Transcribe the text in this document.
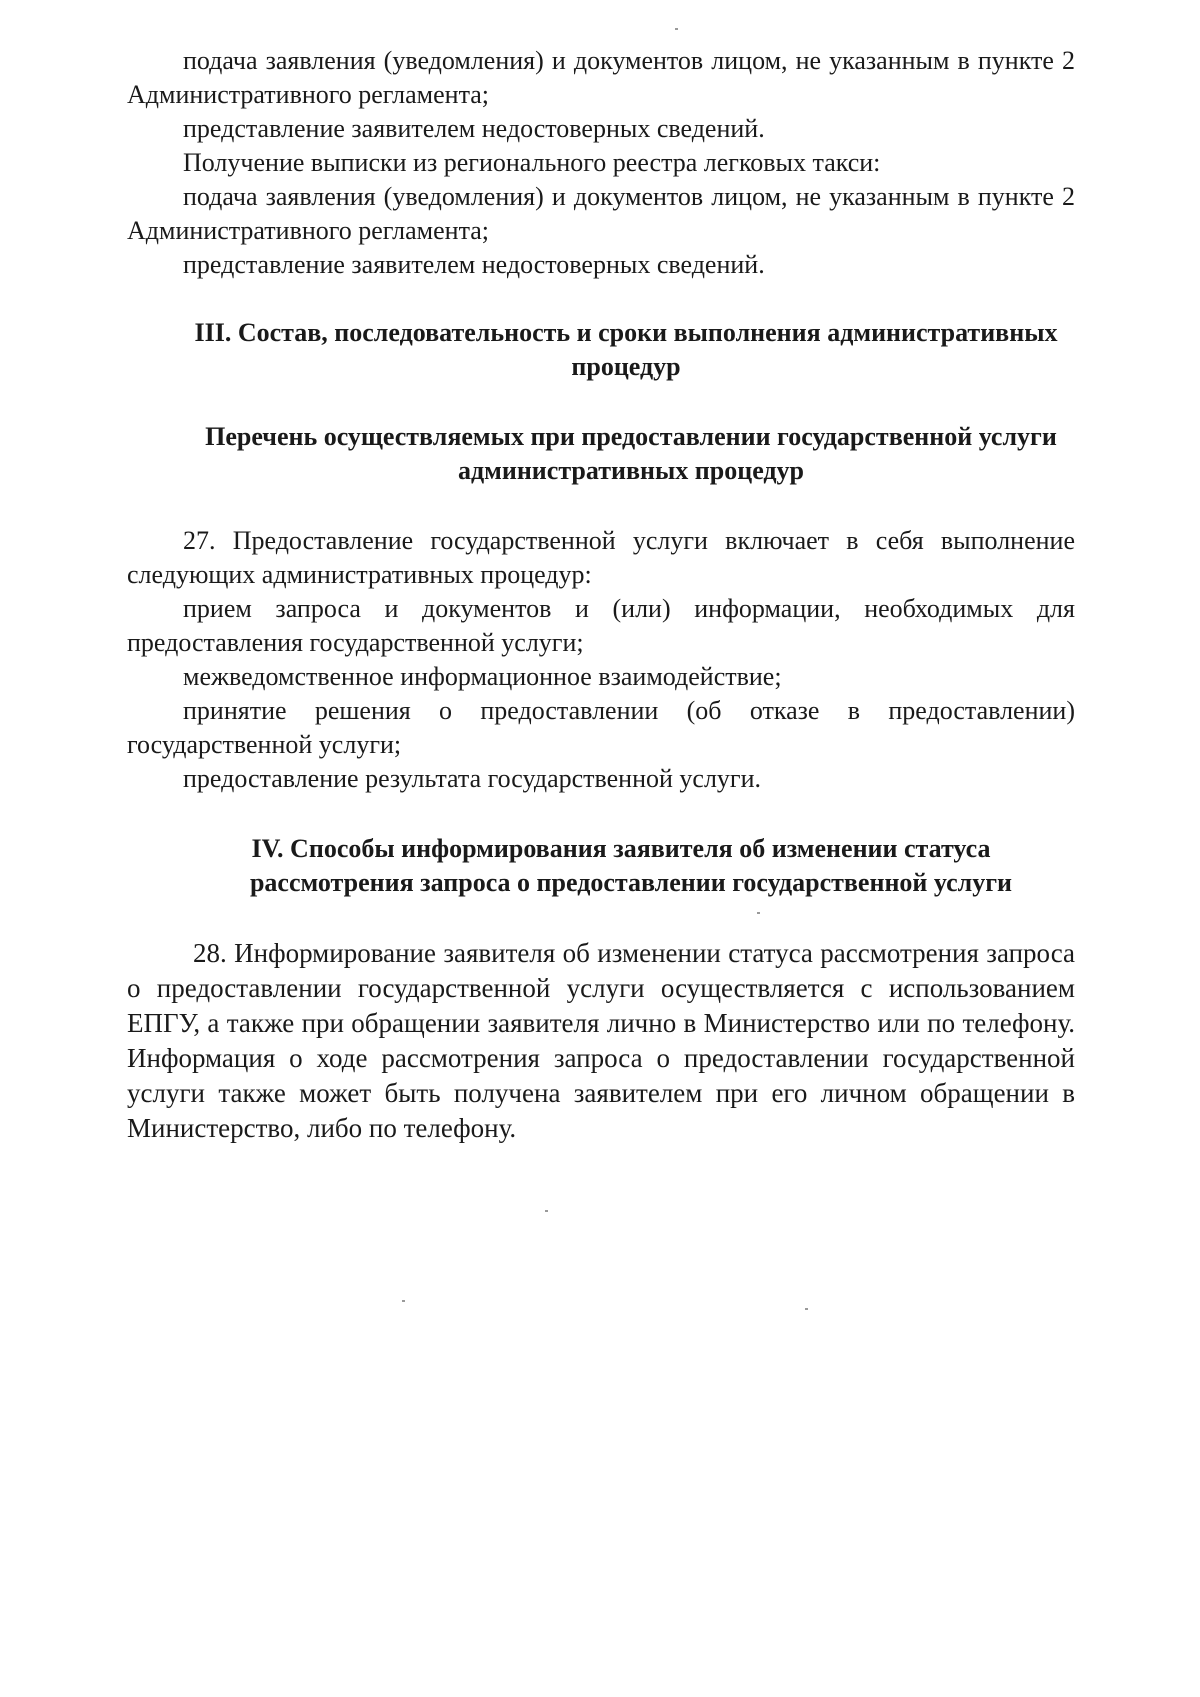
подача заявления (уведомления) и документов лицом, не указанным в пункте 2 Административного регламента;

представление заявителем недостоверных сведений.

Получение выписки из регионального реестра легковых такси:

подача заявления (уведомления) и документов лицом, не указанным в пункте 2 Административного регламента;

представление заявителем недостоверных сведений.

III. Состав, последовательность и сроки выполнения административных процедур

Перечень осуществляемых при предоставлении государственной услуги административных процедур

27. Предоставление государственной услуги включает в себя выполнение следующих административных процедур:

прием запроса и документов и (или) информации, необходимых для предоставления государственной услуги;

межведомственное информационное взаимодействие;

принятие решения о предоставлении (об отказе в предоставлении) государственной услуги;

предоставление результата государственной услуги.

IV. Способы информирования заявителя об изменении статуса
рассмотрения запроса о предоставлении государственной услуги

28. Информирование заявителя об изменении статуса рассмотрения запроса о предоставлении государственной услуги осуществляется с использованием ЕПГУ, а также при обращении заявителя лично в Министерство или по телефону. Информация о ходе рассмотрения запроса о предоставлении государственной услуги также может быть получена заявителем при его личном обращении в Министерство, либо по телефону.
